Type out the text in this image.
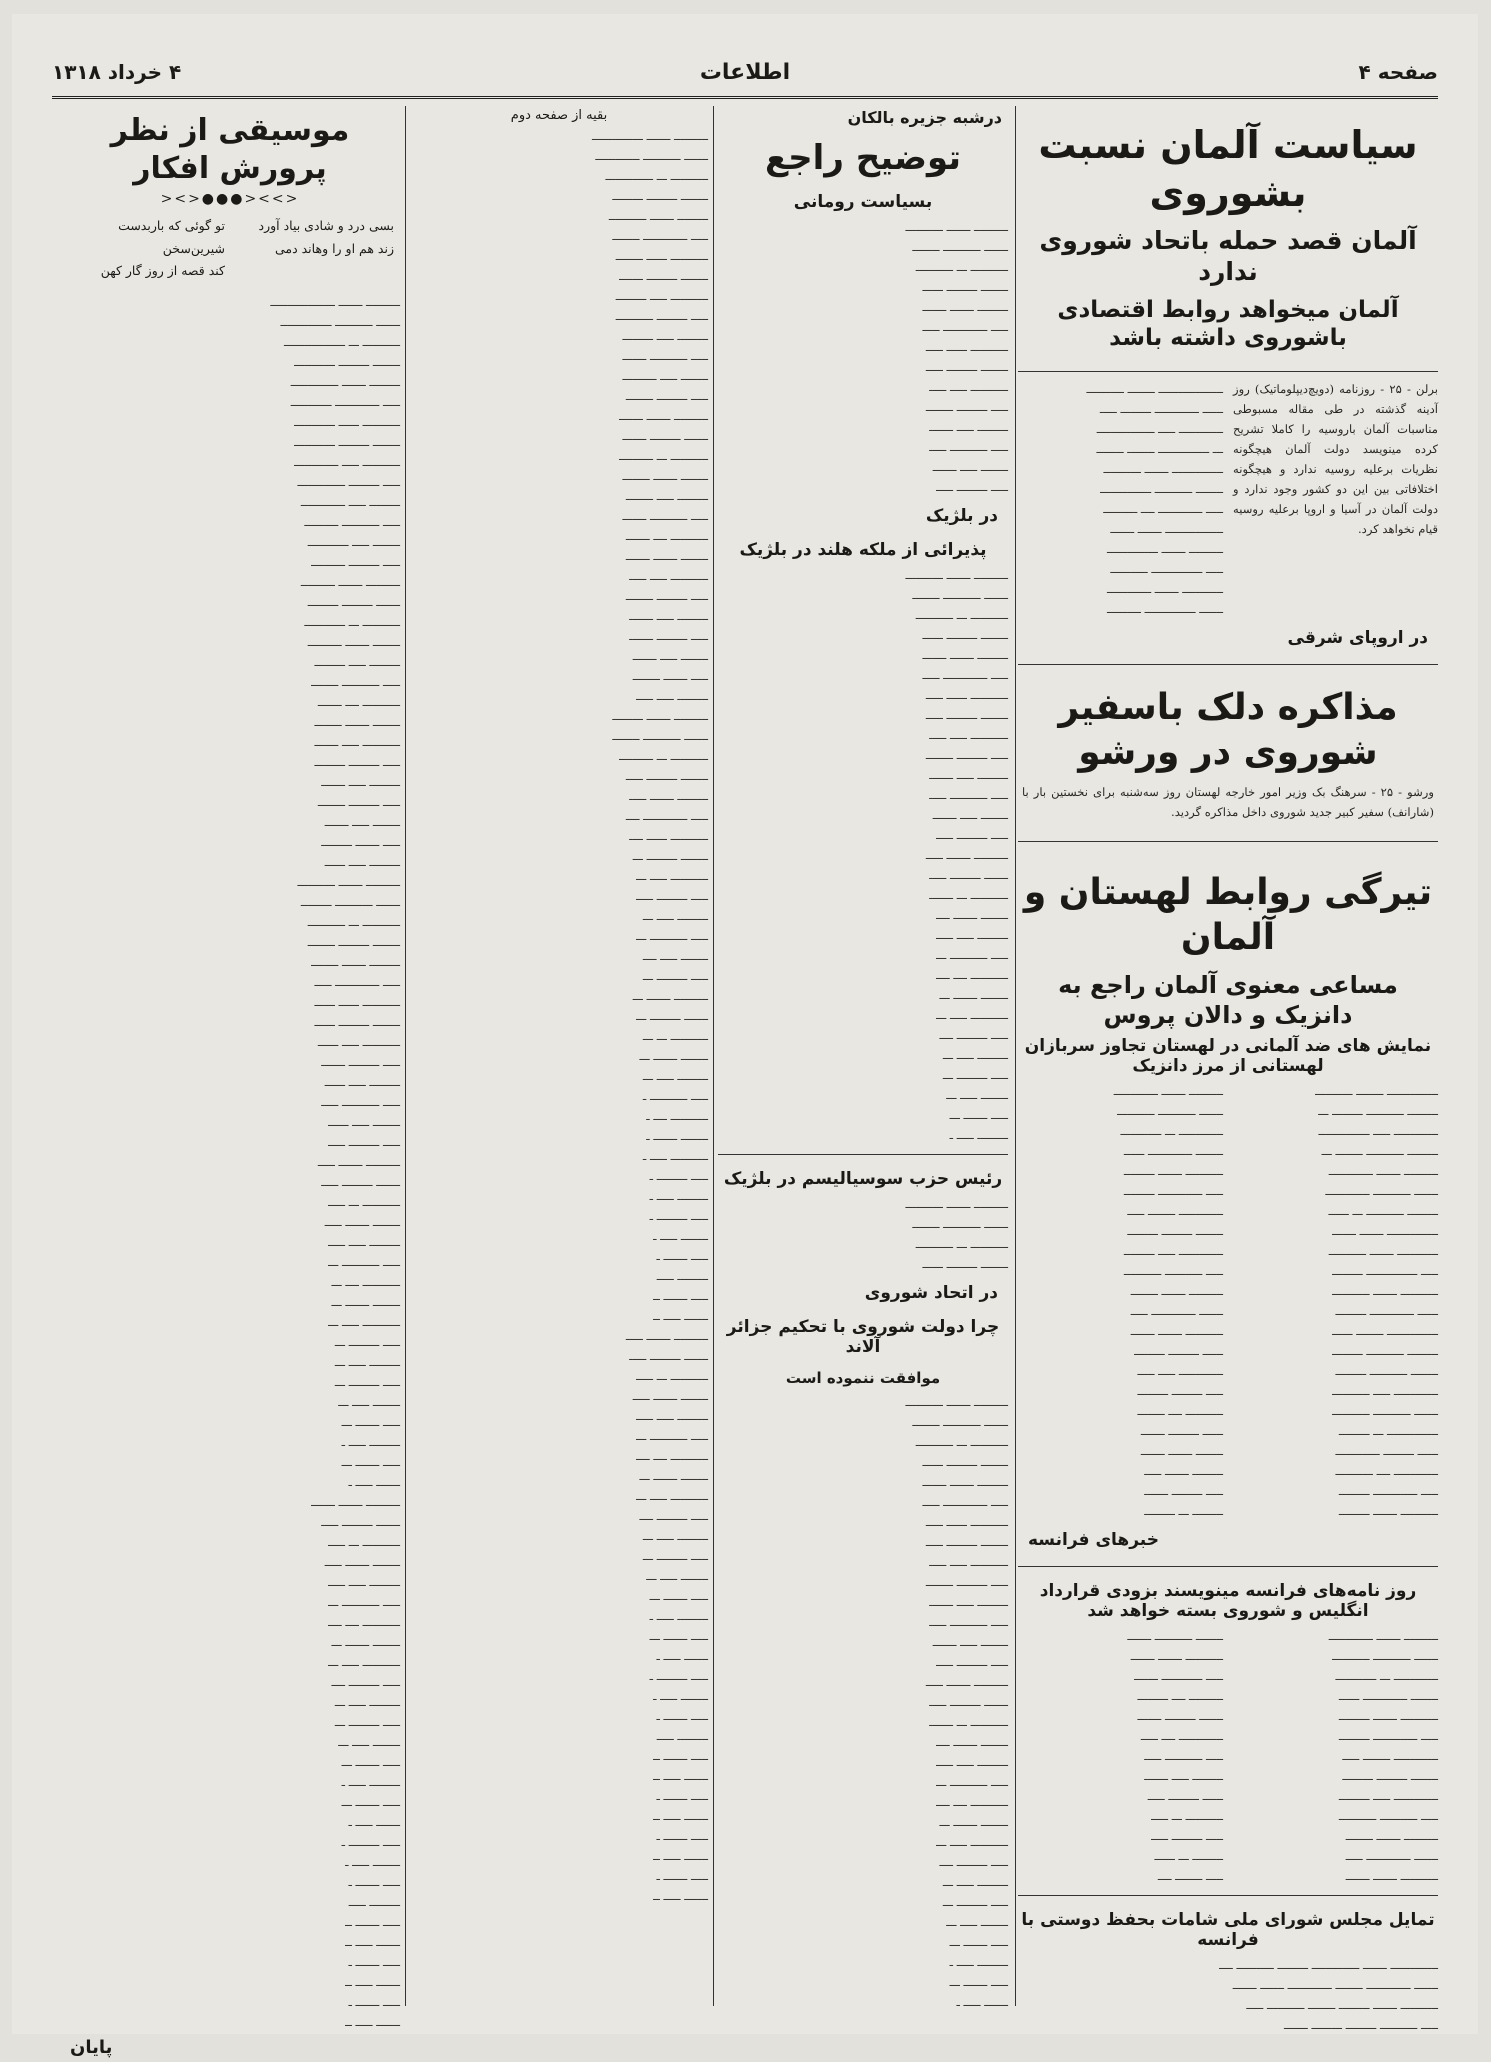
صفحه ۴
اطلاعات
۴ خرداد ۱۳۱۸
سیاست آلمان نسبت بشوروی
آلمان قصد حمله باتحاد شوروی ندارد
آلمان میخواهد روابط اقتصادی باشوروی داشته باشد
برلن - ۲۵ - روزنامه (دویچ‌دیپلوماتیک) روز آدینه گذشته در طی مقاله مسبوطی مناسبات آلمان باروسیه را کاملا تشریح کرده مینویسد دولت آلمان هیچگونه نظریات برعلیه روسیه ندارد و هیچگونه اختلافاتی بین این دو کشور وجود ندارد و دولت آلمان در آسیا و اروپا برعلیه روسیه قیام نخواهد کرد.
ـــــــــــــــــــ ــــــــ ـــــــــــ
ــــــ ـــــــــــــ ـــــــــ ـــــ
ـــــــــــــ ـــــ ـــــــــــــــــ
ـــ ـــــــــــــــ ــــــــ ــــــــ
ـــــــــــــــ ـــــــ ـــــــــــ
ــــــــ ـــــــــــ ـــــــــــــــ
ـــــ ـــــــــــــ ــــ ــــــــــ
ـــــــــــــــــ ـــــــ ـــــــ
ــــــــــ ـــــــ ـــــــــــــــ
ـــــ ـــــــــــــــ ـــــــــــ
ــــــــــــ ـــــــ ـــــــــــــ
ـــــــ ـــــــــــــــ ــــــــــ
در اروپای شرقی
مذاکره دلک باسفیر شوروی در ورشو
ورشو - ۲۵ - سرهنگ بک وزیر امور خارجه لهستان روز سه‌شنبه برای نخستین بار با (شارانف) سفیر کبیر جدید شوروی داخل مذاکره گردید.
تیرگی روابط لهستان و آلمان
مساعی معنوی آلمان راجع به دانزیک و دالان پروس
نمایش های ضد آلمانی در لهستان تجاوز سربازان لهستانی از مرز دانزیک
ـــــــــــــــ ــــــــ ـــــــــــ
ـــــــــ ـــــــــــ ـــــــــ ـــ
ـــــــــــــ ـــــ ـــــــــــــــ
ـــــــــ ـــــــــــ ــــــــ ـــ
ــــــــــ ـــــــ ـــــــــــــ
ـــــــ ـــــــــــ ـــــــــــــ
ـــــــــ ـــــــــــ ـــ ــــــ
ـــــــــــــــ ـــــــ ـــــــ
ــــــــــــ ـــــــ ـــــــــــ
ـــــ ـــــــــــــــ ـــــــــ
ـــــــــــ ـــــــ ـــــــــــ
ــــــ ـــــــــــــ ـــــــــ
ـــــــــــــــ ــــــــ ــــــ
ـــــــــ ـــــــــــ ـــــــــ
ــــــــ ـــــــــــ ـــــــــ
ـــــــــــــ ـــــ ـــــــــــ
ـــــــ ـــــــــــ ـــــــــــ
ـــــــــــــــ ـــ ـــــــــ
ــــــ ـــــــــ ـــــــــــــ
ـــــــــــــ ــــ ـــــــــــ
ـــــ ـــــــــــــ ـــــــــ
ـــــــــــ ـــــــ ـــــــــ
ــــــــــ ـــــــ ـــــــــــــ
ـــــــ ـــــــــــ ـــــــــــ
ـــــــــــــ ـــ ــــــــــــ
ــــــــ ـــــــــــــ ــــــ
ـــــــــــ ـــــــ ـــــــــ
ـــــ ـــــــــــــ ـــــــــ
ـــــــــــــ ــــــــ ـــــ
ــــــــ ـــــــــ ـــــــــ
ـــــــــــــ ـــــ ـــــــــ
ـــــ ـــــــــــ ـــــــــــ
ــــــــــ ـــــــ ــــــــ
ـــــــ ـــــــــــــ ـــــ
ـــــــــــ ـــــــ ـــــــ
ــــــ ـــــــــ ـــــــــ
ـــــــــــــ ـــــ ـــــ
ـــــ ـــــــــ ـــــــــ
ـــــــــــ ــــ ــــــــ
ــــــ ـــــــــ ـــــــ
ــــــــ ـــــــ ـــــــ
ـــــــــ ـــــــ ـــــ
ـــــ ـــــــــ ـــــــ
ـــــــــ ـــ ـــــــــ
خبرهای فرانسه
روز نامه‌های فرانسه مینویسند بزودی قرارداد انگلیس و شوروی بسته خواهد شد
ــــــــــ ـــــــ ـــــــــــــ
ـــــــ ـــــــــــ ـــــــــــ
ـــــــــــــ ـــ ــــــــــــ
ــــــــ ـــــــــــــ ــــــ
ـــــــــــ ـــــــ ـــــــــ
ـــــ ـــــــــــــ ـــــــــ
ـــــــــــــ ــــــــ ـــــ
ــــــــ ـــــــــ ـــــــــ
ـــــــــــــ ـــــ ـــــــــ
ـــــ ـــــــــــ ـــــــــــ
ــــــــــ ـــــــ ــــــــ
ـــــــ ـــــــــــــ ـــــ
ـــــــــــ ـــــــ ـــــــ
ــــــــ ـــــــــــ ـــــــ
ـــــــــــ ـــــــ ـــــــ
ـــــ ــــــــــــ ـــــــ
ــــــــــ ــــ ـــــــــ
ـــــــ ـــــــــ ـــــــ
ـــــــــــــ ــــ ـــــ
ـــــ ـــــــــــ ـــــ
ـــــــــ ـــــ ـــــــ
ــــــ ـــــــــ ـــــ
ـــــــــــ ـــ ـــــ
ـــــ ـــــــــ ـــــ
ـــــــــ ـــ ــــــ
ـــــ ــــــــ ــــ
تمایل مجلس شورای ملی شامات بحفظ دوستی با فرانسه
ــــــــــــــ ـــــــ ــــــــــــــ ـــــــــ ـــــــــــ ــــ
ـــــــ ـــــــــــــ ــــــــ ـــــــــــــ ـــــــ ـــــــ
ـــــــــــ ـــــــ ـــــــــ ــــــــ ـــــــــــ ـــــ
ـــــ ـــــــــــ ـــــــــ ـــــــــ ـــــــ
درشبه جزیره بالکان
توضیح راجع
بسیاست رومانی
ــــــــــ ـــــــ ـــــــــــ
ـــــــ ـــــــــــ ــــــــ
ـــــــــــ ـــ ـــــــــــ
ــــــــ ـــــــــ ــــــ
ـــــــــ ـــــــ ـــــــ
ـــــ ـــــــــــــ ـــــ
ـــــــــــ ــــــ ـــــ
ــــــــ ـــــــــ ـــــ
ـــــــــــ ـــــ ـــــ
ـــــ ـــــــــ ــــــــ
ـــــــــ ـــــ ـــــــ
ـــــ ـــــــــــ ـــــ
ــــــــ ـــــ ـــــــ
ـــــ ـــــــــ ـــــ
در بلژیک
پذیرائی از ملکه هلند در بلژیک
ــــــــــ ـــــــ ـــــــــــ
ـــــــ ـــــــــــ ــــــــ
ـــــــــــ ـــ ـــــــــــ
ــــــــ ـــــــــ ــــــ
ـــــــــ ـــــــ ـــــــ
ـــــ ـــــــــــــ ـــــ
ـــــــــــ ــــــ ـــــ
ــــــــ ـــــــــ ـــــ
ـــــــــــ ـــــ ـــــ
ـــــ ـــــــــ ــــــــ
ـــــــــ ـــــ ـــــــ
ـــــ ـــــــــــ ـــــ
ــــــــ ـــــ ـــــــ
ـــــ ـــــــــ ـــــ
ــــــــــ ـــــــ ـــــ
ـــــــ ـــــــــ ـــــ
ـــــــــــ ـــ ـــــــ
ــــــــ ـــــــ ــــ
ـــــــــ ـــــ ـــــ
ـــــ ـــــــــــ ـــ
ـــــــــــ ــــ ــــ
ــــــــ ـــــــ ـــ
ـــــــــــ ـــــ ـــ
ـــــ ـــــــــ ــــ
ـــــــــ ـــــ ـــ
ـــــ ـــــــــ ـــ
ــــــــ ـــــ ـــ
ـــــ ـــــــ ـــ
ـــــــــ ـــــ ـ
رئیس حزب سوسیالیسم در بلژیک
ــــــــــ ـــــــ ـــــــــــ
ـــــــ ـــــــــــ ــــــــ
ـــــــــــ ـــ ـــــــــــ
ــــــــ ـــــــــ ــــــ
در اتحاد شوروی
چرا دولت شوروی با تحکیم جزائر آلاند
موافقت ننموده است
ــــــــــ ـــــــ ـــــــــــ
ـــــــ ـــــــــــ ــــــــ
ـــــــــــ ـــ ـــــــــــ
ــــــــ ـــــــــ ــــــ
ـــــــــ ـــــــ ـــــــ
ـــــ ـــــــــــــ ـــــ
ـــــــــــ ــــــ ـــــ
ــــــــ ـــــــــ ـــــ
ـــــــــــ ـــــ ـــــ
ـــــ ـــــــــ ــــــــ
ـــــــــ ـــــ ـــــــ
ـــــ ـــــــــــ ـــــ
ــــــــ ـــــ ـــــــ
ـــــ ـــــــــ ـــــ
ــــــــــ ـــــــ ـــــ
ـــــــ ـــــــــ ـــــ
ـــــــــــ ـــ ـــــــ
ــــــــ ـــــــ ــــ
ـــــــــ ـــــ ـــــ
ـــــ ـــــــــــ ـــ
ـــــــــــ ــــ ــــ
ــــــــ ـــــــ ـــ
ـــــــــــ ـــــ ـــ
ـــــ ـــــــــ ــــ
ـــــــــ ـــــ ـــ
ـــــ ـــــــــ ـــ
ــــــــ ـــــ ـــ
ـــــ ـــــــ ـــ
ـــــــــ ـــــ ـ
ـــــ ـــــــ ـــ
ـــــــ ـــــ ـ
بقیه از صفحه دوم
ــــــــــ ـــــــ ـــــــــــــــ
ـــــــ ـــــــــــ ـــــــــــــ
ـــــــــــ ـــ ــــــــــــــ
ــــــــ ـــــــــ ـــــــــ
ـــــــــ ـــــــ ـــــــــــ
ـــــ ـــــــــــــ ــــــــ
ـــــــــــ ــــــ ــــــــ
ــــــــ ـــــــــ ـــــــ
ـــــــــــ ـــــ ـــــــــ
ـــــ ـــــــــ ـــــــــــ
ـــــــــ ـــــ ـــــــــ
ـــــ ـــــــــــ ـــــــ
ــــــــ ـــــ ــــــــــ
ـــــ ـــــــــ ــــــــ
ــــــــــ ـــــــ ـــــــ
ـــــــ ـــــــــ ـــــــ
ـــــــــــ ـــ ــــــــــ
ــــــــ ـــــــ ــــــــ
ـــــــــ ـــــ ــــــــ
ـــــ ـــــــــــ ـــــــ
ـــــــــــ ــــ ـــــــ
ــــــــ ـــــــ ـــــــ
ـــــــــــ ـــــ ـــــ
ـــــ ـــــــــ ــــــــ
ـــــــــ ـــــ ـــــــ
ـــــ ـــــــــ ـــــــ
ــــــــ ـــــ ـــــــ
ـــــ ـــــــ ــــــــ
ـــــــــ ـــــ ـــــ
ــــــــــ ـــــــ ـــــــــ
ـــــــ ـــــــــــ ــــــــ
ـــــــــــ ـــ ــــــــــ
ــــــــ ـــــــــ ـــــ
ـــــــــ ـــــــ ـــــ
ـــــ ـــــــــــــ ــــ
ـــــــــــ ــــــ ــــ
ــــــــ ـــــــــ ـــ
ـــــــــــ ـــــ ـــ
ـــــ ـــــــــ ـــــ
ـــــــــ ـــــ ـــ
ـــــ ـــــــــــ ـــ
ــــــــ ـــــ ــــ
ـــــ ـــــــــ ـــ
ــــــــــ ـــــــ ـــ
ـــــــ ـــــــــ ـــ
ـــــــــــ ـــ ـــ
ــــــــ ـــــــ ـــ
ـــــــــ ـــــ ـــ
ـــــ ـــــــــــ ـ
ـــــــــــ ــــ ـ
ــــــــ ـــــــ ـ
ـــــــــــ ـــــ ـ
ـــــ ـــــــــ ـ
ـــــــــ ـــــ ـ
ـــــ ـــــــــ ـ
ــــــــ ـــــ ـ
ـــــ ـــــــ ـ
ـــــــــ ـــــ
ـــــ ـــــــ ــ
ـــــــ ـــــ ــ
ــــــــــ ـــــــ ـــــ
ـــــــ ـــــــــ ـــــ
ـــــــــــ ـــ ـــــ
ــــــــ ـــــــ ـــــ
ـــــــــ ـــــ ـــــ
ـــــ ـــــــــــ ـــ
ـــــــــــ ــــ ــــ
ــــــــ ـــــــ ـــ
ـــــــــــ ـــــ ـــ
ـــــ ـــــــــ ــــ
ـــــــــ ـــــ ـــ
ـــــ ـــــــــ ـــ
ــــــــ ـــــ ـــ
ـــــ ـــــــ ـــ
ـــــــــ ـــــ ـ
ـــــ ـــــــ ـــ
ـــــــ ـــــ ـ
ـــــ ـــــــــ ـ
ــــــــ ـــــ ـ
ـــــ ـــــــ ـ
ـــــــــ ـــــ
ـــــ ـــــــ ــ
ـــــــ ـــــ ــ
ـــــ ـــــــ ـ
ـــــــ ـــــ ــ
ـــــ ـــــــ ـ
ـــــــ ـــــ ــ
ـــــ ـــــــ ـ
ـــــــ ـــــ ــ
موسیقی از نظر پرورش افکار
<>><●●●<><
بسی درد و شادی بیاد آورد
زند هم او را وهاند دمی
تو گوئی که باربدست شیرین‌سخن
کند قصه از روز گار کهن
ــــــــــ ـــــــ ـــــــــــــــــــ
ـــــــ ـــــــــــ ـــــــــــــــ
ـــــــــــ ـــ ــــــــــــــــــ
ــــــــ ـــــــــ ــــــــــــ
ـــــــــ ـــــــ ــــــــــــــ
ـــــ ـــــــــــــ ــــــــــــ
ـــــــــــ ــــــ ــــــــــــ
ــــــــ ـــــــــ ــــــــــــ
ـــــــــــ ـــــ ـــــــــــــ
ـــــ ـــــــــ ــــــــــــــ
ـــــــــ ـــــ ـــــــــــــ
ـــــ ـــــــــــ ــــــــــ
ــــــــ ـــــ ــــــــــــ
ـــــ ـــــــــ ــــــــــ
ــــــــــ ـــــــ ــــــــــ
ـــــــ ـــــــــ ـــــــــ
ـــــــــــ ـــ ــــــــــــ
ــــــــ ـــــــ ــــــــــ
ـــــــــ ـــــ ـــــــــ
ـــــ ـــــــــــ ــــــــ
ـــــــــــ ــــ ـــــــ
ــــــــ ـــــــ ــــــــ
ـــــــــــ ـــــ ـــــــ
ـــــ ـــــــــ ـــــــــ
ـــــــــ ـــــ ـــــــ
ـــــ ـــــــــ ــــــــ
ــــــــ ـــــ ـــــــ
ـــــ ـــــــ ـــــــــ
ـــــــــ ـــــ ــــــ
ــــــــــ ـــــــ ـــــــــــ
ـــــــ ـــــــــــ ـــــــــ
ـــــــــــ ـــ ـــــــــــ
ــــــــ ـــــــــ ــــــــ
ـــــــــ ـــــــ ــــــــ
ـــــ ـــــــــــــ ـــــ
ـــــــــــ ــــــ ــــــ
ــــــــ ـــــــــ ــــــ
ـــــــــــ ـــــ ــــــ
ـــــ ـــــــــ ـــــــ
ـــــــــ ـــــ ــــــ
ـــــ ـــــــــــ ـــــ
ــــــــ ـــــ ــــــ
ـــــ ـــــــــ ـــــ
ــــــــــ ـــــــ ـــــ
ـــــــ ـــــــــ ـــــ
ـــــــــــ ـــ ـــــ
ــــــــ ـــــــ ـــــ
ـــــــــ ـــــ ـــــ
ـــــ ـــــــــــ ـــ
ـــــــــــ ــــ ـــ
ــــــــ ـــــــ ـــ
ـــــــــــ ـــــ ـــ
ـــــ ـــــــــ ـــ
ـــــــــ ـــــ ـــ
ـــــ ـــــــــ ـــ
ــــــــ ـــــ ـــ
ـــــ ـــــــ ـــ
ـــــــــ ـــــ ـ
ـــــ ـــــــ ـــ
ـــــــ ـــــ ـ
ــــــــــ ـــــــ ـــــــ
ـــــــ ـــــــــ ـــــ
ـــــــــــ ـــ ـــــ
ــــــــ ـــــــ ـــــ
ـــــــــ ـــــ ـــــ
ـــــ ـــــــــــ ـــ
ـــــــــــ ــــ ــــ
ــــــــ ـــــــ ـــ
ـــــــــــ ـــــ ـــ
ـــــ ـــــــــ ــــ
ـــــــــ ـــــ ـــ
ـــــ ـــــــــ ـــ
ــــــــ ـــــ ـــ
ـــــ ـــــــ ـــ
ـــــــــ ـــــ ـ
ـــــ ـــــــ ـــ
ـــــــ ـــــ ـ
ـــــ ـــــــــ ـ
ــــــــ ـــــ ـ
ـــــ ـــــــ ـ
ـــــــــ ـــــ
ـــــ ـــــــ ــ
ـــــــ ـــــ ــ
ـــــ ـــــــ ـ
ـــــــ ـــــ ــ
ـــــ ـــــــ ـ
ـــــــ ـــــ ــ
پایان
